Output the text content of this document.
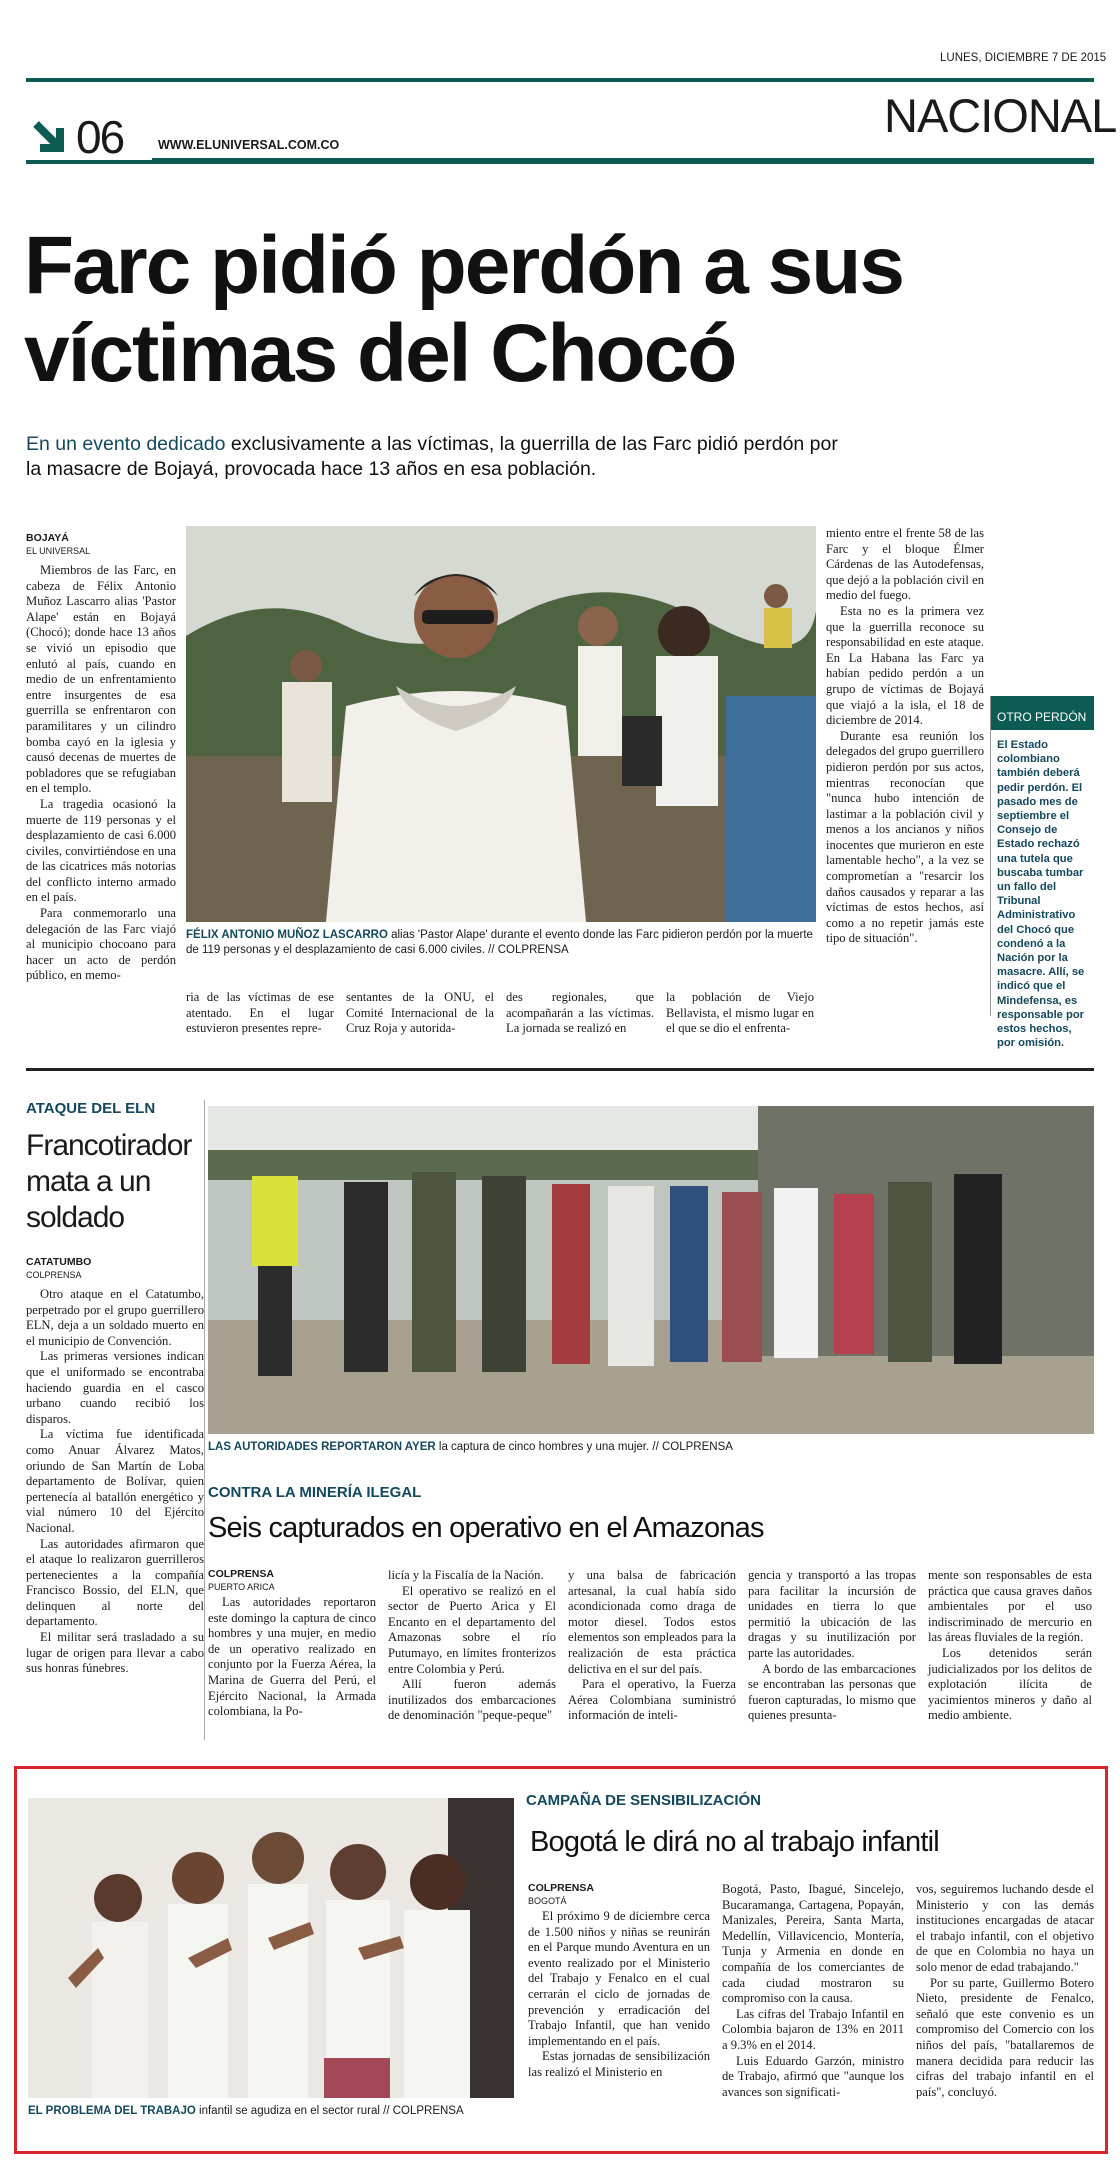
LUNES, DICIEMBRE 7 DE 2015
06	WWW.ELUNIVERSAL.COM.CO
NACIONAL
Farc pidió perdón a sus
víctimas del Chocó
En un evento dedicado exclusivamente a las víctimas, la guerrilla de las Farc pidió perdón por
la masacre de Bojayá, provocada hace 13 años en esa población.
BOJAYÁ
EL UNIVERSAL

Miembros de las Farc, en cabeza de Félix Antonio Muñoz Lascarro alias 'Pastor Alape' están en Bojayá (Chocó); donde hace 13 años se vivió un episodio que enlutó al país, cuando en medio de un enfrentamiento entre insurgentes de esa guerrilla se enfrentaron con paramilitares y un cilindro bomba cayó en la iglesia y causó decenas de muertes de pobladores que se refugiaban en el templo.

La tragedia ocasionó la muerte de 119 personas y el desplazamiento de casi 6.000 civiles, convirtiéndose en una de las cicatrices más notorias del conflicto interno armado en el país.

Para conmemorarlo una delegación de las Farc viajó al municipio chocoano para hacer un acto de perdón público, en memo-

FÉLIX ANTONIO MUÑOZ LASCARRO alias 'Pastor Alape' durante el evento donde las Farc pidieron perdón por la muerte de 119 personas y el desplazamiento de casi 6.000 civiles. // COLPRENSA

ria de las víctimas de ese atentado. En el lugar estuvieron presentes repre-

sentantes de la ONU, el Comité Internacional de la Cruz Roja y autorida-

des regionales, que acompañarán a las víctimas. La jornada se realizó en

la población de Viejo Bellavista, el mismo lugar en el que se dio el enfrenta-

miento entre el frente 58 de las Farc y el bloque Élmer Cárdenas de las Autodefensas, que dejó a la población civil en medio del fuego.

Esta no es la primera vez que la guerrilla reconoce su responsabilidad en este ataque. En La Habana las Farc ya habían pedido perdón a un grupo de víctimas de Bojayá que viajó a la isla, el 18 de diciembre de 2014.

Durante esa reunión los delegados del grupo guerrillero pidieron perdón por sus actos, mientras reconocían que "nunca hubo intención de lastimar a la población civil y menos a los ancianos y niños inocentes que murieron en este lamentable hecho", a la vez se comprometían a "resarcir los daños causados y reparar a las víctimas de estos hechos, así como a no repetir jamás este tipo de situación".

OTRO PERDÓN
El Estado colombiano también deberá pedir perdón. El pasado mes de septiembre el Consejo de Estado rechazó una tutela que buscaba tumbar un fallo del Tribunal Administrativo del Chocó que condenó a la Nación por la masacre. Allí, se indicó que el Mindefensa, es responsable por estos hechos, por omisión.
ATAQUE DEL ELN
Francotirador mata a un soldado
CATATUMBO
COLPRENSA

Otro ataque en el Catatumbo, perpetrado por el grupo guerrillero ELN, deja a un soldado muerto en el municipio de Convención.

Las primeras versiones indican que el uniformado se encontraba haciendo guardia en el casco urbano cuando recibió los disparos.

La víctima fue identificada como Anuar Álvarez Matos, oriundo de San Martín de Loba departamento de Bolívar, quien pertenecía al batallón energético y vial número 10 del Ejército Nacional.

Las autoridades afirmaron que el ataque lo realizaron guerrilleros pertenecientes a la compañía Francisco Bossio, del ELN, que delinquen al norte del departamento.

El militar será trasladado a su lugar de origen para llevar a cabo sus honras fúnebres.

LAS AUTORIDADES REPORTARON AYER la captura de cinco hombres y una mujer. // COLPRENSA
CONTRA LA MINERÍA ILEGAL
Seis capturados en operativo en el Amazonas
COLPRENSA
PUERTO ARICA

Las autoridades reportaron este domingo la captura de cinco hombres y una mujer, en medio de un operativo realizado en conjunto por la Fuerza Aérea, la Marina de Guerra del Perú, el Ejército Nacional, la Armada colombiana, la Po-

licía y la Fiscalía de la Nación.

El operativo se realizó en el sector de Puerto Arica y El Encanto en el departamento del Amazonas sobre el río Putumayo, en límites fronterizos entre Colombia y Perú.

Allí fueron además inutilizados dos embarcaciones de denominación "peque-peque"

y una balsa de fabricación artesanal, la cual había sido acondicionada como draga de motor diesel. Todos estos elementos son empleados para la realización de esta práctica delictiva en el sur del país.

Para el operativo, la Fuerza Aérea Colombiana suministró información de inteli-

gencia y transportó a las tropas para facilitar la incursión de unidades en tierra lo que permitió la ubicación de las dragas y su inutilización por parte las autoridades.

A bordo de las embarcaciones se encontraban las personas que fueron capturadas, lo mismo que quienes presunta-

mente son responsables de esta práctica que causa graves daños ambientales por el uso indiscriminado de mercurio en las áreas fluviales de la región.

Los detenidos serán judicializados por los delitos de explotación ilícita de yacimientos mineros y daño al medio ambiente.

EL PROBLEMA DEL TRABAJO infantil se agudiza en el sector rural // COLPRENSA
CAMPAÑA DE SENSIBILIZACIÓN
Bogotá le dirá no al trabajo infantil
COLPRENSA
BOGOTÁ

El próximo 9 de diciembre cerca de 1.500 niños y niñas se reunirán en el Parque mundo Aventura en un evento realizado por el Ministerio del Trabajo y Fenalco en el cual cerrarán el ciclo de jornadas de prevención y erradicación del Trabajo Infantil, que han venido implementando en el país.

Estas jornadas de sensibilización las realizó el Ministerio en

Bogotá, Pasto, Ibagué, Sincelejo, Bucaramanga, Cartagena, Popayán, Manizales, Pereira, Santa Marta, Medellín, Villavicencio, Montería, Tunja y Armenia en donde en compañía de los comerciantes de cada ciudad mostraron su compromiso con la causa.

Las cifras del Trabajo Infantil en Colombia bajaron de 13% en 2011 a 9.3% en el 2014.

Luis Eduardo Garzón, ministro de Trabajo, afirmó que "aunque los avances son significati-

vos, seguiremos luchando desde el Ministerio y con las demás instituciones encargadas de atacar el trabajo infantil, con el objetivo de que en Colombia no haya un solo menor de edad trabajando."

Por su parte, Guillermo Botero Nieto, presidente de Fenalco, señaló que este convenio es un compromiso del Comercio con los niños del país, "batallaremos de manera decidida para reducir las cifras del trabajo infantil en el país", concluyó.
